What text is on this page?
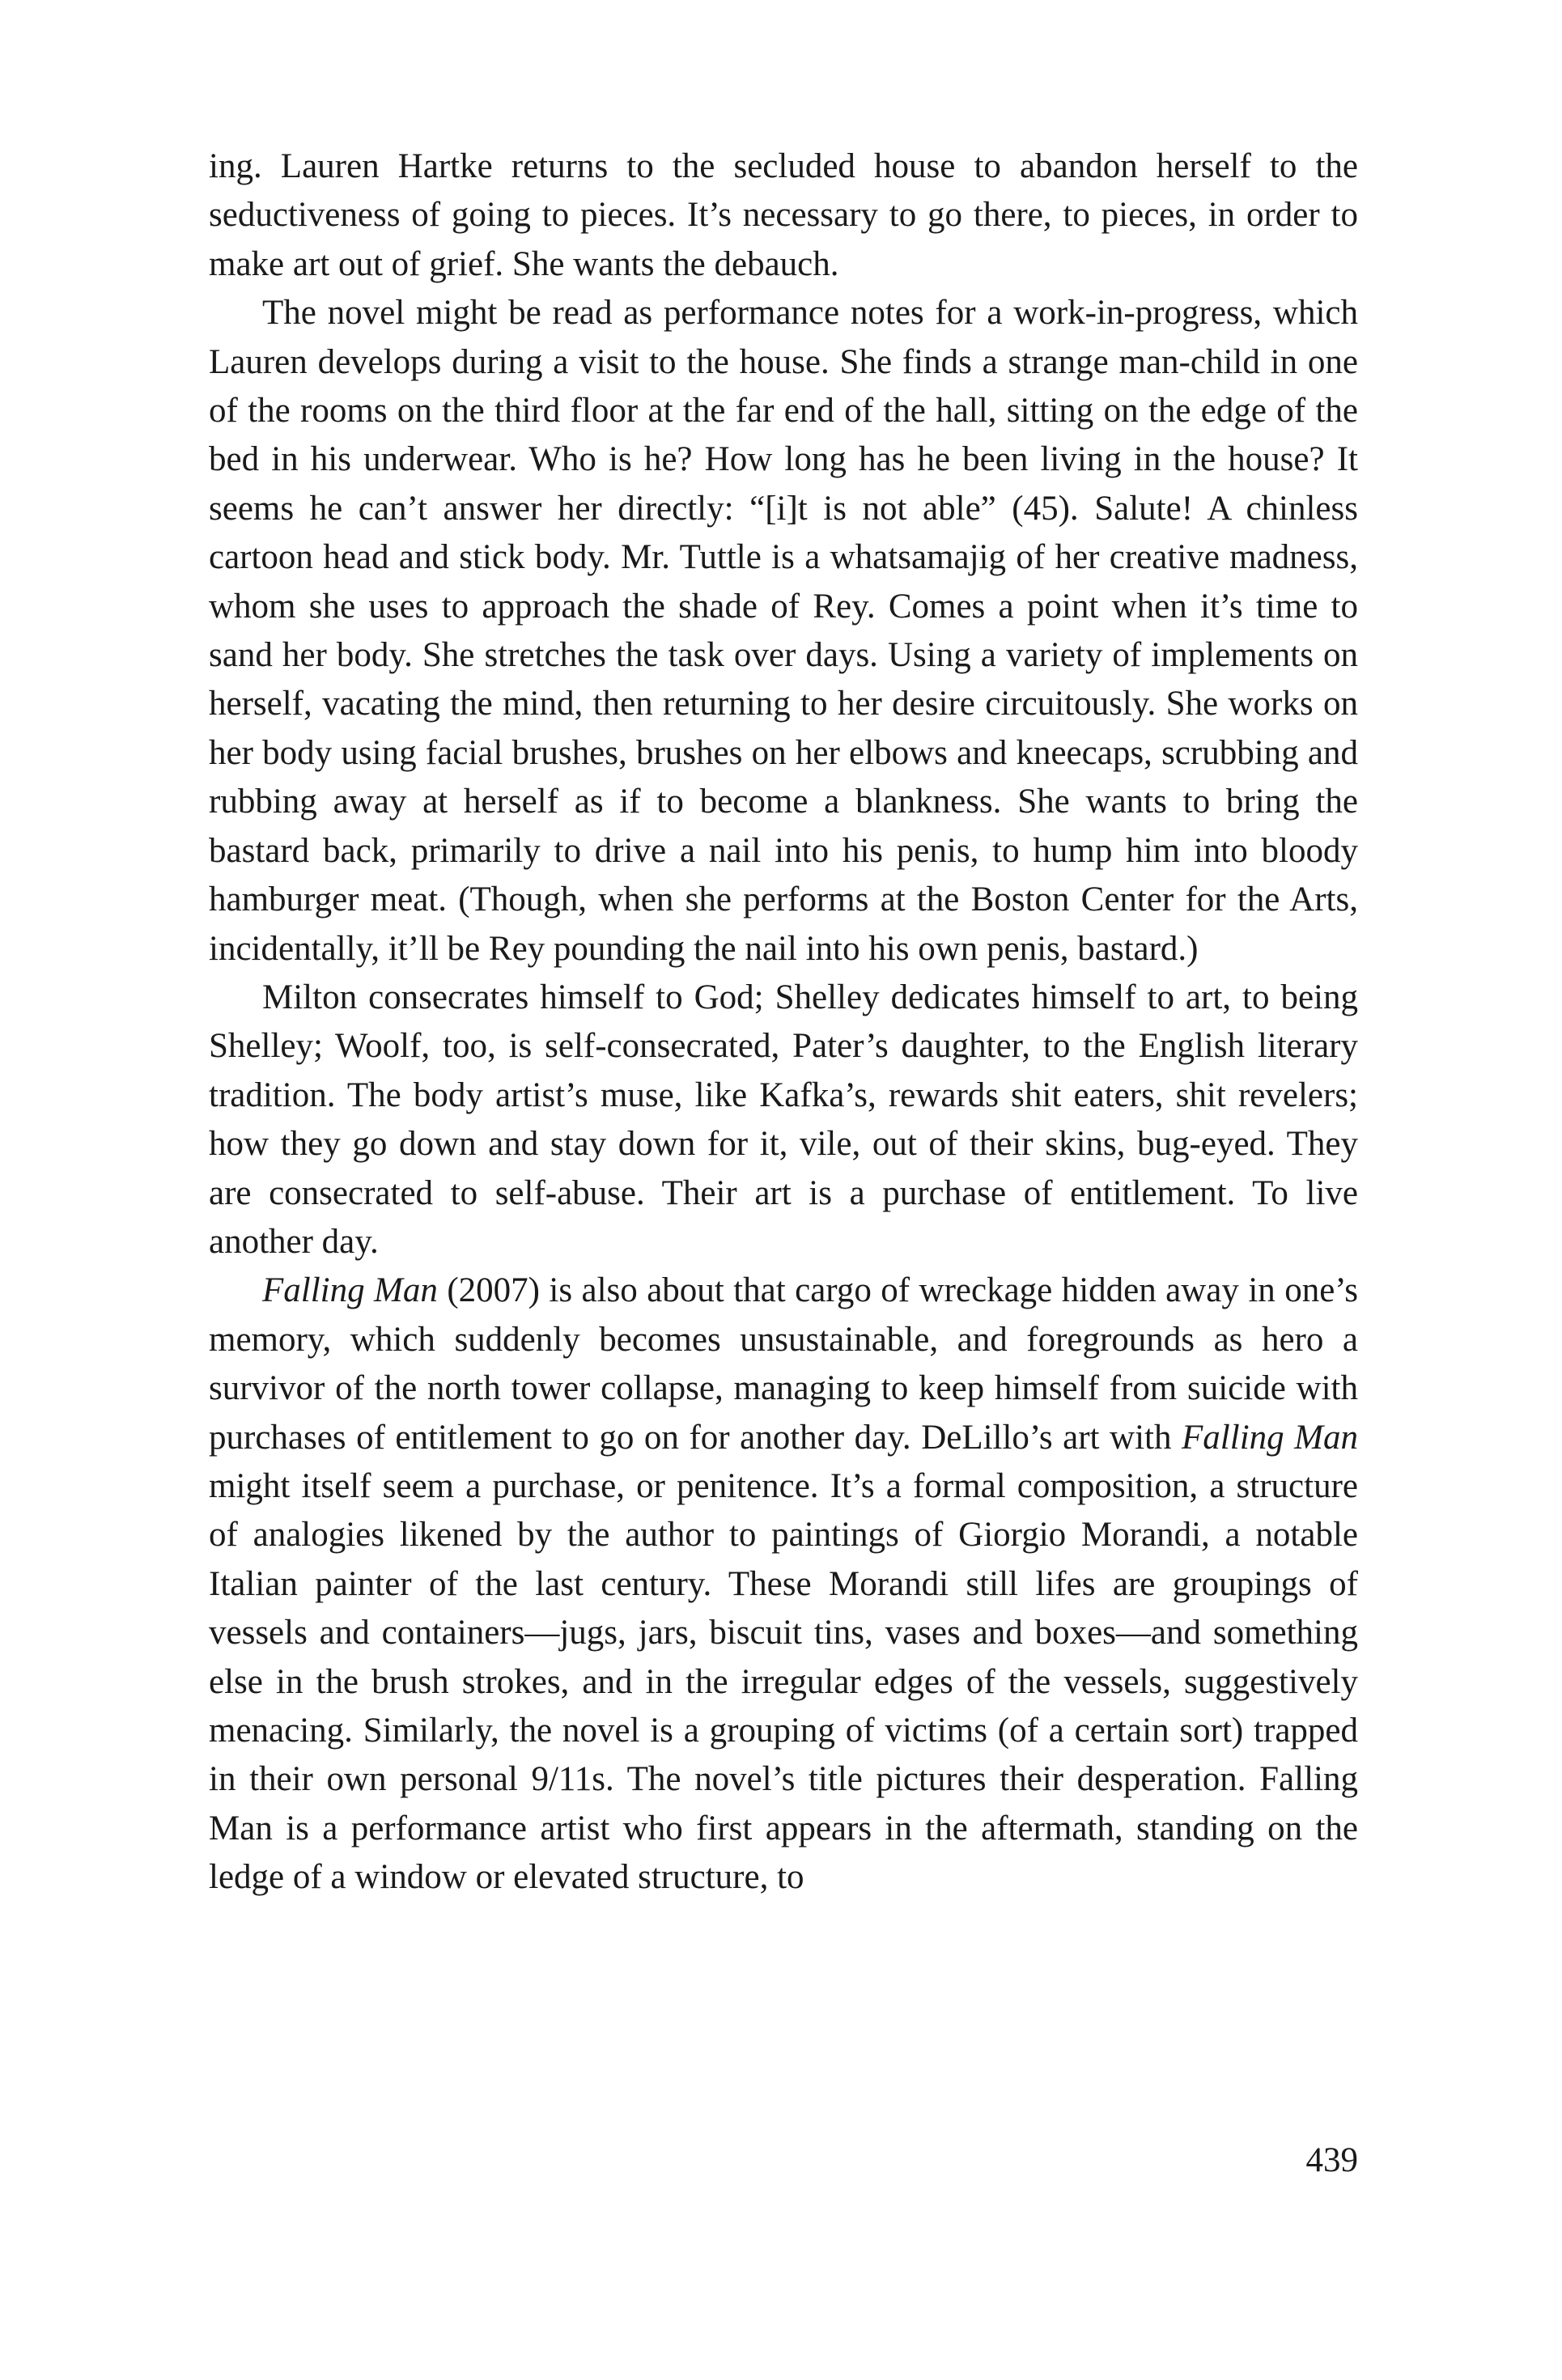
ing. Lauren Hartke returns to the secluded house to abandon herself to the seductiveness of going to pieces. It’s necessary to go there, to pieces, in order to make art out of grief. She wants the debauch.

The novel might be read as performance notes for a work-in-progress, which Lauren develops during a visit to the house. She finds a strange man-child in one of the rooms on the third floor at the far end of the hall, sitting on the edge of the bed in his underwear. Who is he? How long has he been living in the house? It seems he can’t answer her directly: “[i]t is not able” (45). Salute! A chinless cartoon head and stick body. Mr. Tuttle is a whatsamajig of her creative madness, whom she uses to approach the shade of Rey. Comes a point when it’s time to sand her body. She stretches the task over days. Using a variety of implements on herself, vacating the mind, then returning to her desire circuitously. She works on her body using facial brushes, brushes on her elbows and kneecaps, scrubbing and rubbing away at herself as if to become a blankness. She wants to bring the bastard back, primarily to drive a nail into his penis, to hump him into bloody hamburger meat. (Though, when she performs at the Boston Center for the Arts, incidentally, it’ll be Rey pounding the nail into his own penis, bastard.)

Milton consecrates himself to God; Shelley dedicates himself to art, to being Shelley; Woolf, too, is self-consecrated, Pater’s daughter, to the English literary tradition. The body artist’s muse, like Kafka’s, rewards shit eaters, shit revelers; how they go down and stay down for it, vile, out of their skins, bug-eyed. They are consecrated to self-abuse. Their art is a purchase of entitlement. To live another day.

Falling Man (2007) is also about that cargo of wreckage hidden away in one’s memory, which suddenly becomes unsustainable, and foregrounds as hero a survivor of the north tower collapse, managing to keep himself from suicide with purchases of entitlement to go on for another day. DeLillo’s art with Falling Man might itself seem a purchase, or penitence. It’s a formal composition, a structure of analogies likened by the author to paintings of Giorgio Morandi, a notable Italian painter of the last century. These Morandi still lifes are groupings of vessels and containers—jugs, jars, biscuit tins, vases and boxes—and something else in the brush strokes, and in the irregular edges of the vessels, suggestively menacing. Similarly, the novel is a grouping of victims (of a certain sort) trapped in their own personal 9/11s. The novel’s title pictures their desperation. Falling Man is a performance artist who first appears in the aftermath, standing on the ledge of a window or elevated structure, to

439
